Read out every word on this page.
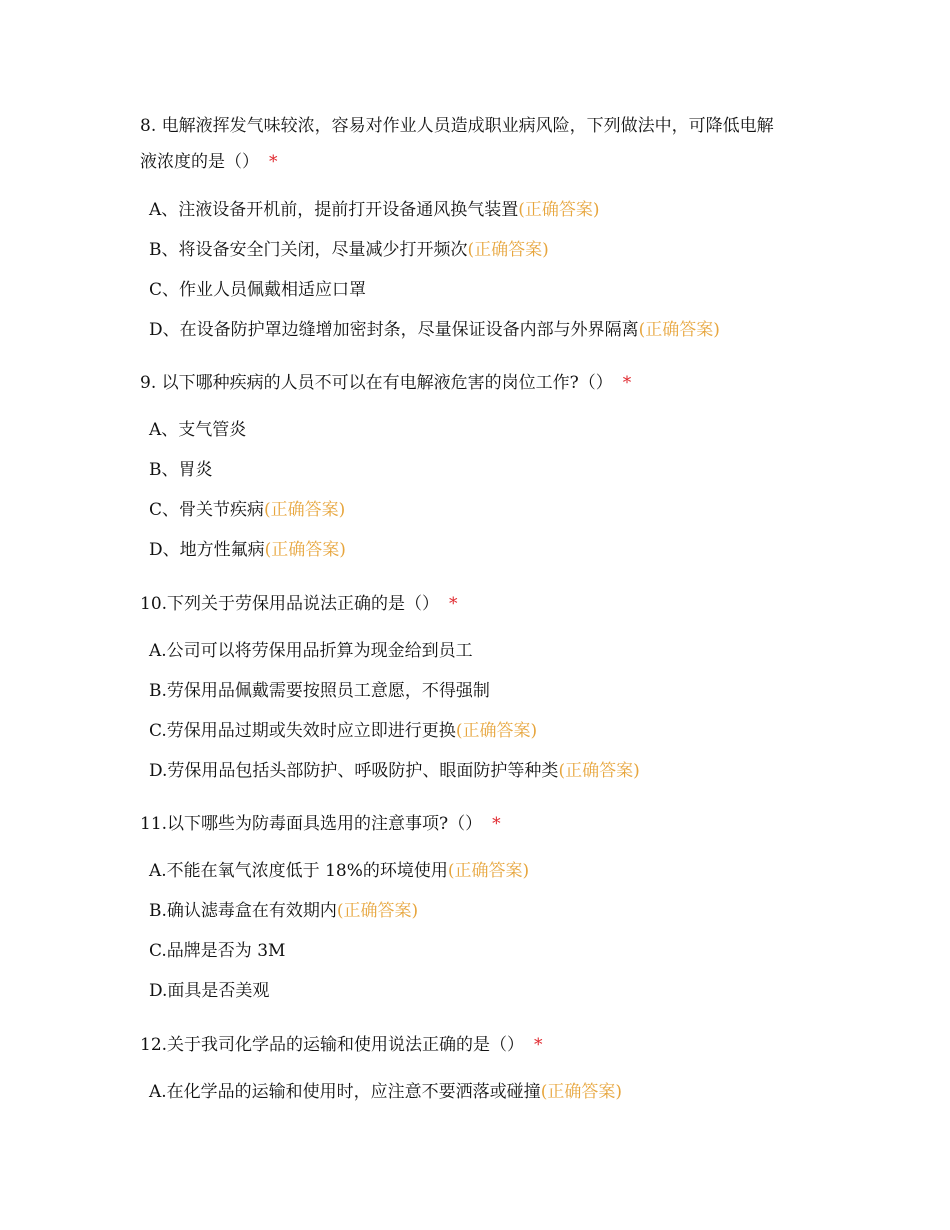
8. 电解液挥发气味较浓，容易对作业人员造成职业病风险，下列做法中，可降低电解液浓度的是（） *
A、注液设备开机前，提前打开设备通风换气装置(正确答案)
B、将设备安全门关闭，尽量减少打开频次(正确答案)
C、作业人员佩戴相适应口罩
D、在设备防护罩边缝增加密封条，尽量保证设备内部与外界隔离(正确答案)
9. 以下哪种疾病的人员不可以在有电解液危害的岗位工作?（） *
A、支气管炎
B、胃炎
C、骨关节疾病(正确答案)
D、地方性氟病(正确答案)
10.下列关于劳保用品说法正确的是（） *
A.公司可以将劳保用品折算为现金给到员工
B.劳保用品佩戴需要按照员工意愿，不得强制
C.劳保用品过期或失效时应立即进行更换(正确答案)
D.劳保用品包括头部防护、呼吸防护、眼面防护等种类(正确答案)
11.以下哪些为防毒面具选用的注意事项?（） *
A.不能在氧气浓度低于 18%的环境使用(正确答案)
B.确认滤毒盒在有效期内(正确答案)
C.品牌是否为 3M
D.面具是否美观
12.关于我司化学品的运输和使用说法正确的是（） *
A.在化学品的运输和使用时，应注意不要洒落或碰撞(正确答案)
